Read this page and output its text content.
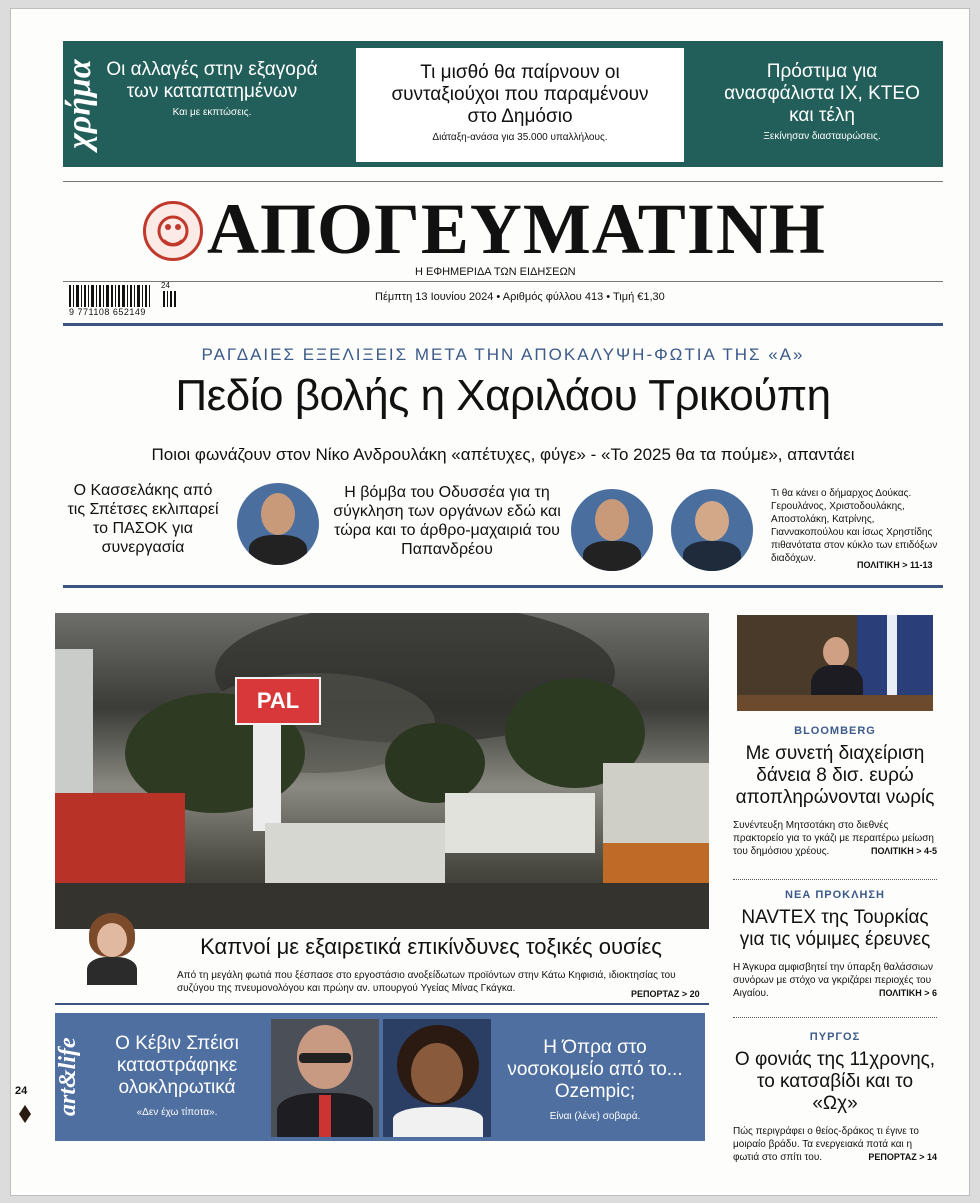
χρήμα Οι αλλαγές στην εξαγορά των καταπατημένων
Και με εκπτώσεις.
Τι μισθό θα παίρνουν οι συνταξιούχοι που παραμένουν στο Δημόσιο
Διάταξη-ανάσα για 35.000 υπαλλήλους.
Πρόστιμα για ανασφάλιστα ΙΧ, ΚΤΕΟ και τέλη
Ξεκίνησαν διασταυρώσεις.
ΑΠΟΓΕΥΜΑΤΙΝΗ
Η ΕΦΗΜΕΡΙΔΑ ΤΩΝ ΕΙΔΗΣΕΩΝ
24
9 771108 652149
Πέμπτη 13 Ιουνίου 2024 • Αριθμός φύλλου 413 • Τιμή €1,30
ΡΑΓΔΑΙΕΣ ΕΞΕΛΙΞΕΙΣ ΜΕΤΑ ΤΗΝ ΑΠΟΚΑΛΥΨΗ-ΦΩΤΙΑ ΤΗΣ «Α»
Πεδίο βολής η Χαριλάου Τρικούπη
Ποιοι φωνάζουν στον Νίκο Ανδρουλάκη «απέτυχες, φύγε» - «Το 2025 θα τα πούμε», απαντάει
Ο Κασσελάκης από τις Σπέτσες εκλιπαρεί το ΠΑΣΟΚ για συνεργασία
Η βόμβα του Οδυσσέα για τη σύγκληση των οργάνων εδώ και τώρα και το άρθρο-μαχαιριά του Παπανδρέου
Τι θα κάνει ο δήμαρχος Δούκας. Γερουλάνος, Χριστοδουλάκης, Αποστολάκη, Κατρίνης, Γιαννακοπούλου και ίσως Χρηστίδης πιθανότατα στον κύκλο των επιδόξων διαδόχων.
ΠΟΛΙΤΙΚΗ > 11-13
PAL
Καπνοί με εξαιρετικά επικίνδυνες τοξικές ουσίες
Από τη μεγάλη φωτιά που ξέσπασε στο εργοστάσιο ανοξείδωτων προϊόντων στην Κάτω Κηφισιά, ιδιοκτησίας του συζύγου της πνευμονολόγου και πρώην αν. υπουργού Υγείας Μίνας Γκάγκα.	ΡΕΠΟΡΤΑΖ > 20
BLOOMBERG
Με συνετή διαχείριση δάνεια 8 δισ. ευρώ αποπληρώνονται νωρίς
Συνέντευξη Μητσοτάκη στο διεθνές πρακτορείο για το γκάζι με περαιτέρω μείωση του δημόσιου χρέους.	ΠΟΛΙΤΙΚΗ > 4-5
ΝΕΑ ΠΡΟΚΛΗΣΗ
NAVTEX της Τουρκίας για τις νόμιμες έρευνες
Η Άγκυρα αμφισβητεί την ύπαρξη θαλάσσιων συνόρων με στόχο να γκριζάρει περιοχές του Αιγαίου.	ΠΟΛΙΤΙΚΗ > 6
ΠΥΡΓΟΣ
Ο φονιάς της 11χρονης, το κατσαβίδι και το «Ωχ»
Πώς περιγράφει ο θείος-δράκος τι έγινε το μοιραίο βράδυ. Τα ενεργειακά ποτά και η φωτιά στο σπίτι του.	ΡΕΠΟΡΤΑΖ > 14
art&life	Ο Κέβιν Σπέισι καταστράφηκε ολοκληρωτικά
«Δεν έχω τίποτα».
Η Όπρα στο νοσοκομείο από το... Ozempic;
Είναι (λένε) σοβαρά.
24
